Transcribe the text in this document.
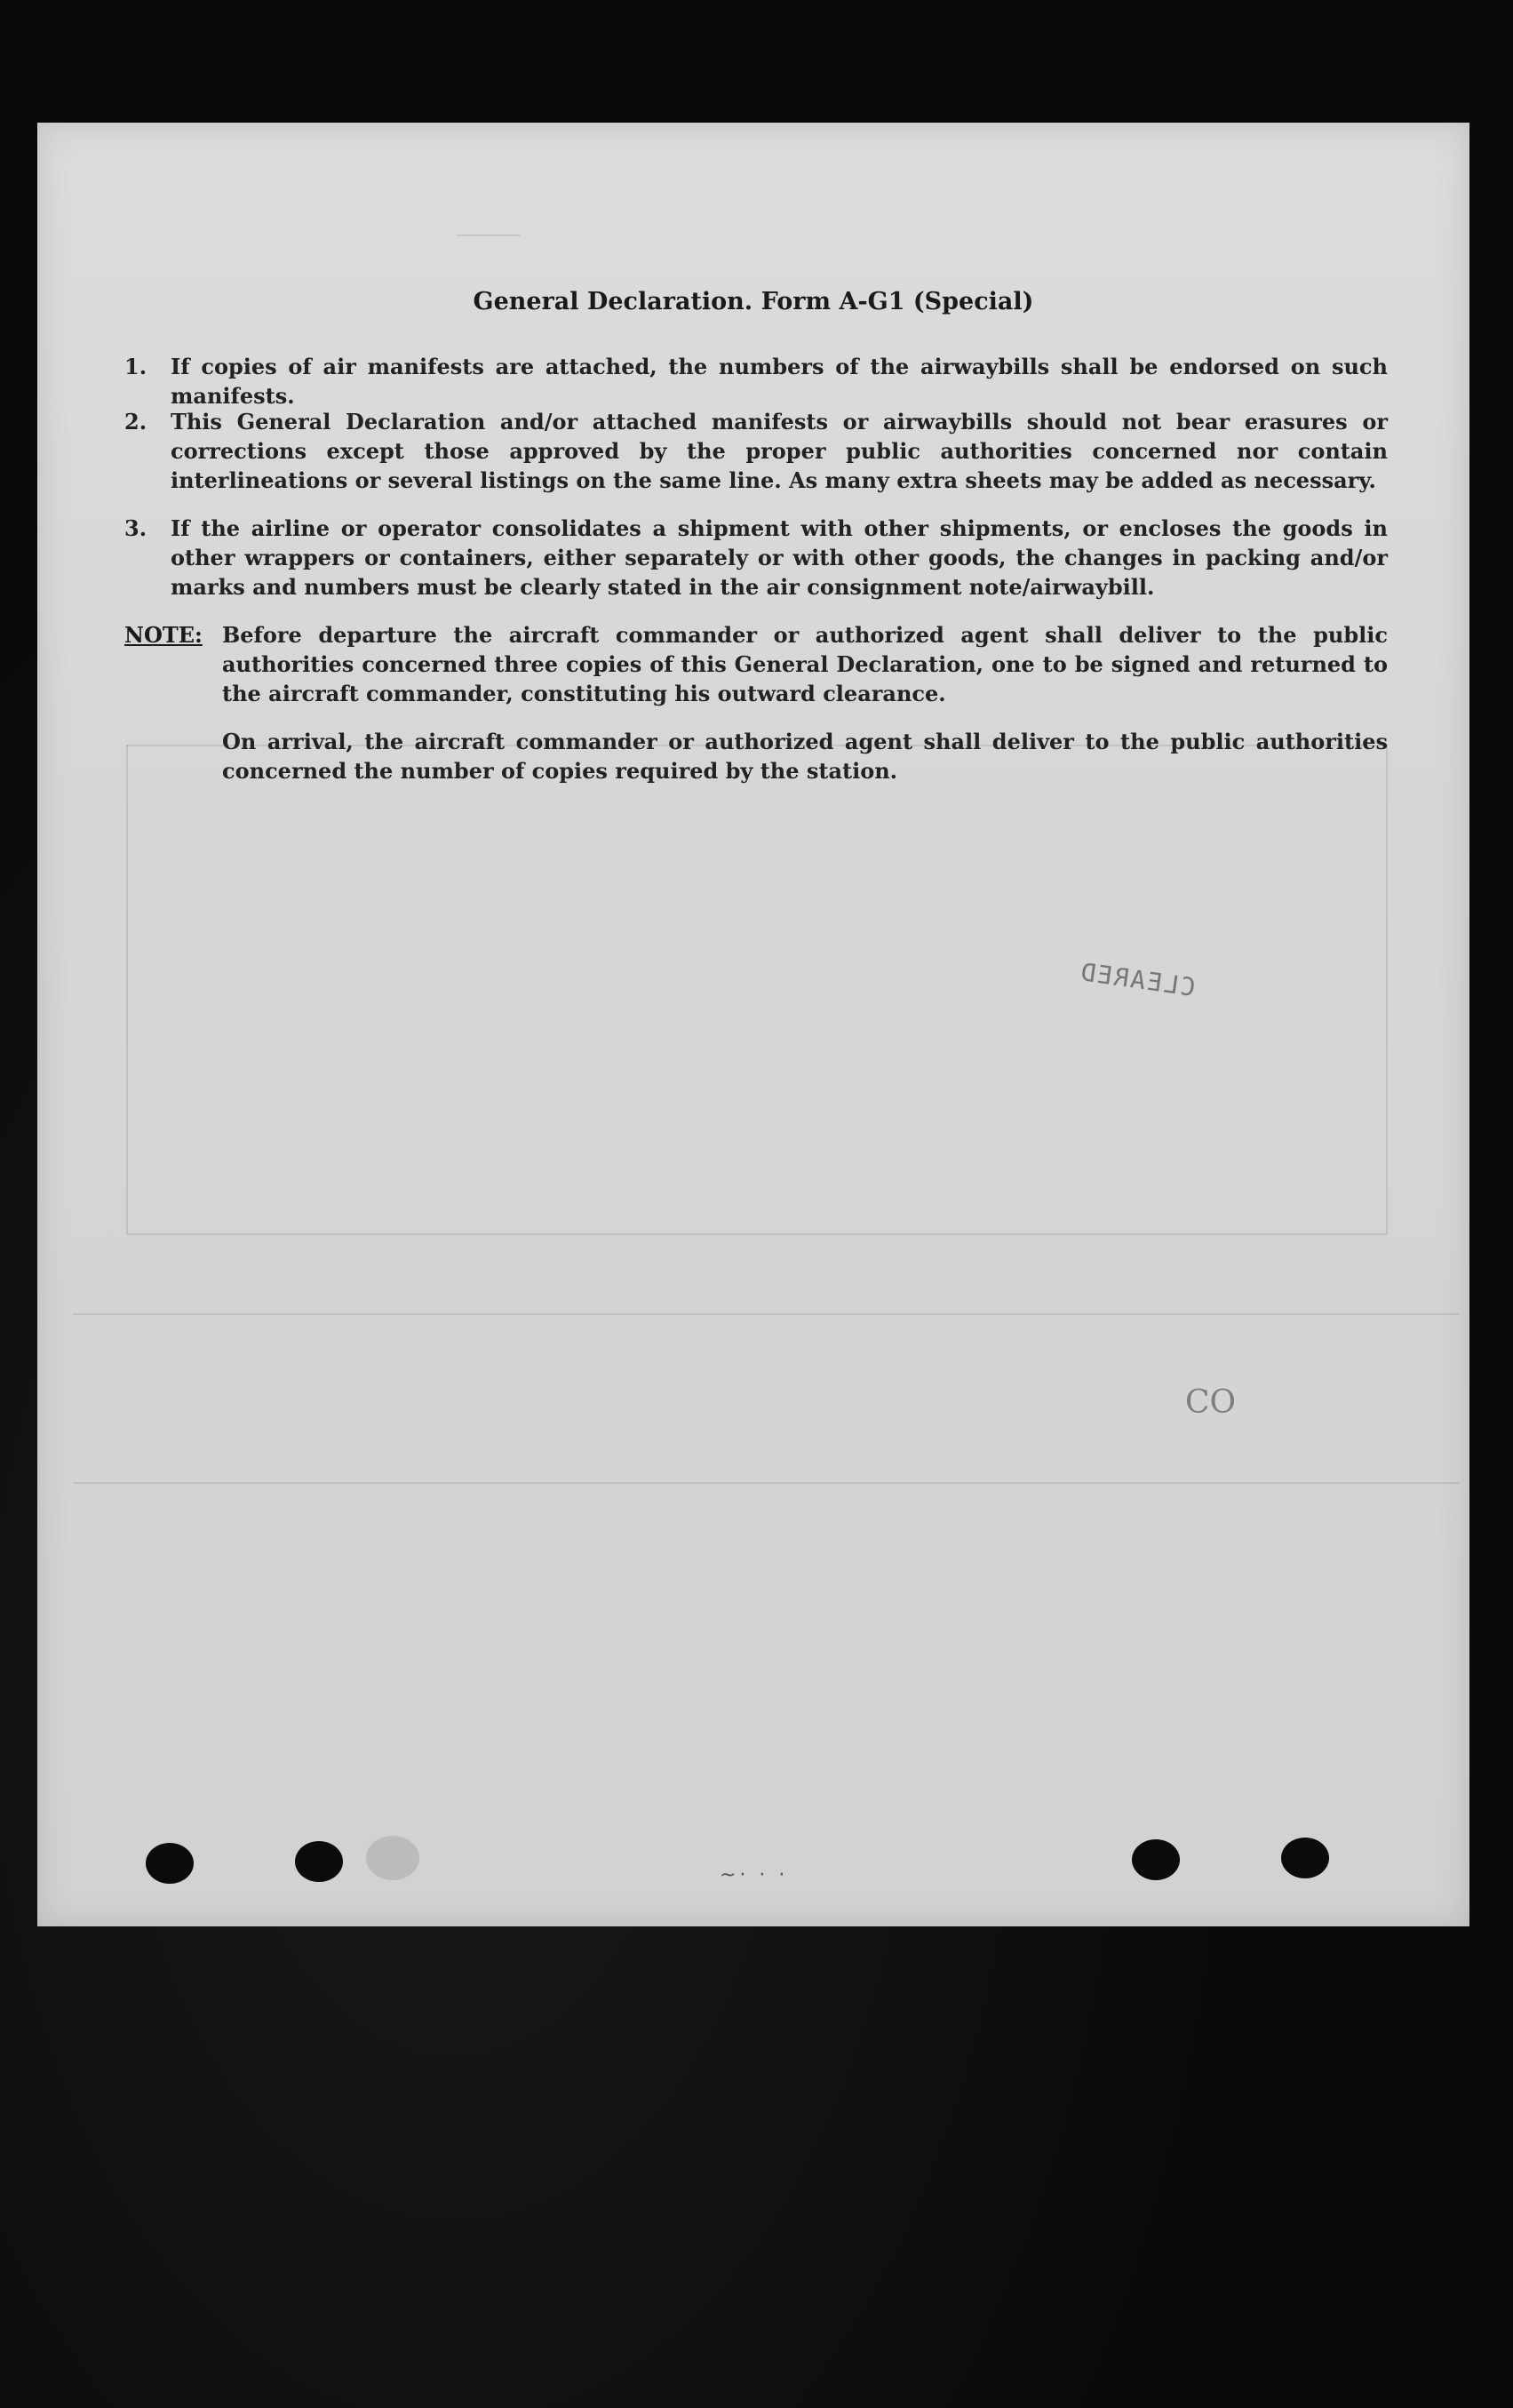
⸻
General Declaration. Form A-G1 (Special)
1. If copies of air manifests are attached, the numbers of the airwaybills shall be endorsed on such manifests.
2. This General Declaration and/or attached manifests or airwaybills should not bear erasures or corrections except those approved by the proper public authorities concerned nor contain interlineations or several listings on the same line. As many extra sheets may be added as necessary.
3. If the airline or operator consolidates a shipment with other shipments, or encloses the goods in other wrappers or containers, either separately or with other goods, the changes in packing and/or marks and numbers must be clearly stated in the air consignment note/airwaybill.
NOTE: Before departure the aircraft commander or authorized agent shall deliver to the public authorities concerned three copies of this General Declaration, one to be signed and returned to the aircraft commander, constituting his outward clearance.
On arrival, the aircraft commander or authorized agent shall deliver to the public authorities concerned the number of copies required by the station.
CLEARED
CO
~· · ·
